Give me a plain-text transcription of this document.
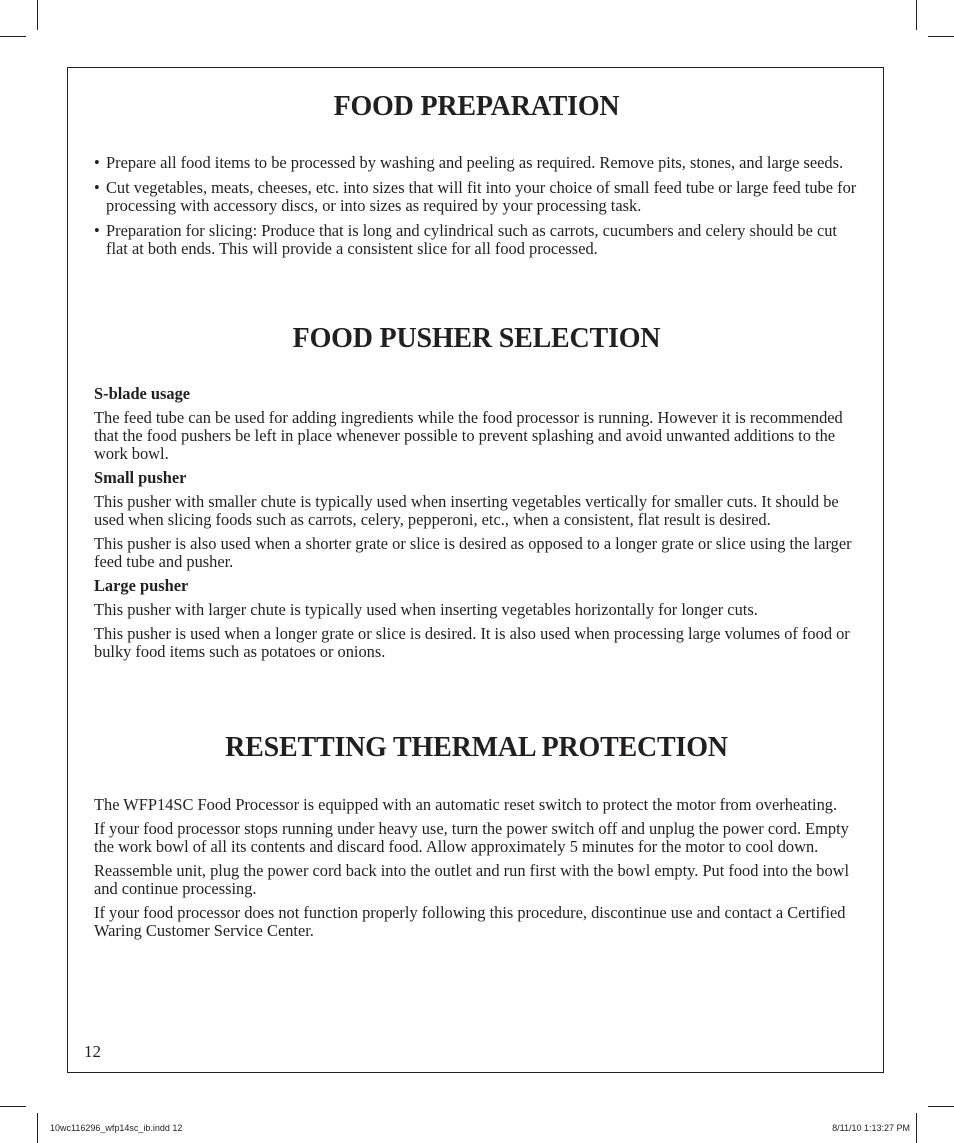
FOOD PREPARATION
• Prepare all food items to be processed by washing and peeling as required. Remove pits, stones, and large seeds.
• Cut vegetables, meats, cheeses, etc. into sizes that will fit into your choice of small feed tube or large feed tube for processing with accessory discs, or into sizes as required by your processing task.
• Preparation for slicing: Produce that is long and cylindrical such as carrots, cucumbers and celery should be cut flat at both ends. This will provide a consistent slice for all food processed.
FOOD PUSHER SELECTION

S-blade usage

The feed tube can be used for adding ingredients while the food processor is running. However it is recommended that the food pushers be left in place whenever possible to prevent splashing and avoid unwanted additions to the work bowl.

Small pusher

This pusher with smaller chute is typically used when inserting vegetables vertically for smaller cuts. It should be used when slicing foods such as carrots, celery, pepperoni, etc., when a consistent, flat result is desired.

This pusher is also used when a shorter grate or slice is desired as opposed to a longer grate or slice using the larger feed tube and pusher.

Large pusher

This pusher with larger chute is typically used when inserting vegetables horizontally for longer cuts.

This pusher is used when a longer grate or slice is desired. It is also used when processing large volumes of food or bulky food items such as potatoes or onions.

RESETTING THERMAL PROTECTION

The WFP14SC Food Processor is equipped with an automatic reset switch to protect the motor from overheating.

If your food processor stops running under heavy use, turn the power switch off and unplug the power cord. Empty the work bowl of all its contents and discard food. Allow approximately 5 minutes for the motor to cool down.

Reassemble unit, plug the power cord back into the outlet and run first with the bowl empty. Put food into the bowl and continue processing.

If your food processor does not function properly following this procedure, discontinue use and contact a Certified Waring Customer Service Center.

12
10wc116296_wfp14sc_ib.indd 12	8/11/10 1:13:27 PM
